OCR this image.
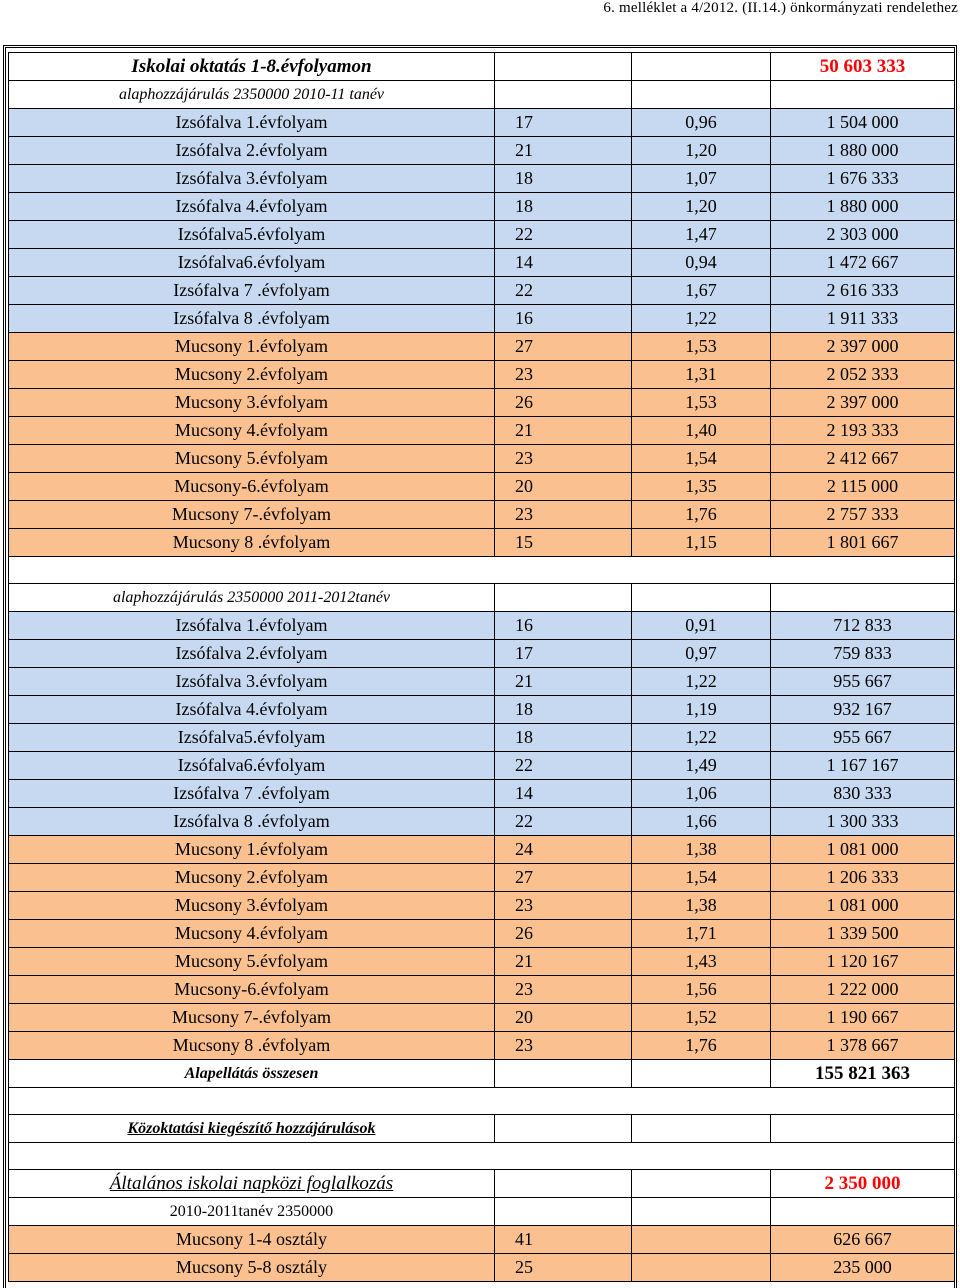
6. melléklet a 4/2012. (II.14.) önkormányzati rendelethez
Iskolai oktatás 1-8.évfolyamon			50 603 333
alaphozzájárulás 2350000 2010-11 tanév			
Izsófalva 1.évfolyam	17	0,96	1 504 000
Izsófalva 2.évfolyam	21	1,20	1 880 000
Izsófalva 3.évfolyam	18	1,07	1 676 333
Izsófalva 4.évfolyam	18	1,20	1 880 000
Izsófalva5.évfolyam	22	1,47	2 303 000
Izsófalva6.évfolyam	14	0,94	1 472 667
Izsófalva 7 .évfolyam	22	1,67	2 616 333
Izsófalva 8 .évfolyam	16	1,22	1 911 333
Mucsony 1.évfolyam	27	1,53	2 397 000
Mucsony 2.évfolyam	23	1,31	2 052 333
Mucsony 3.évfolyam	26	1,53	2 397 000
Mucsony 4.évfolyam	21	1,40	2 193 333
Mucsony 5.évfolyam	23	1,54	2 412 667
Mucsony-6.évfolyam	20	1,35	2 115 000
Mucsony 7-.évfolyam	23	1,76	2 757 333
Mucsony 8 .évfolyam	15	1,15	1 801 667

alaphozzájárulás 2350000 2011-2012tanév			
Izsófalva 1.évfolyam	16	0,91	712 833
Izsófalva 2.évfolyam	17	0,97	759 833
Izsófalva 3.évfolyam	21	1,22	955 667
Izsófalva 4.évfolyam	18	1,19	932 167
Izsófalva5.évfolyam	18	1,22	955 667
Izsófalva6.évfolyam	22	1,49	1 167 167
Izsófalva 7 .évfolyam	14	1,06	830 333
Izsófalva 8 .évfolyam	22	1,66	1 300 333
Mucsony 1.évfolyam	24	1,38	1 081 000
Mucsony 2.évfolyam	27	1,54	1 206 333
Mucsony 3.évfolyam	23	1,38	1 081 000
Mucsony 4.évfolyam	26	1,71	1 339 500
Mucsony 5.évfolyam	21	1,43	1 120 167
Mucsony-6.évfolyam	23	1,56	1 222 000
Mucsony 7-.évfolyam	20	1,52	1 190 667
Mucsony 8 .évfolyam	23	1,76	1 378 667
Alapellátás összesen			155 821 363

Közoktatási kiegészítő hozzájárulások			

Általános iskolai napközi foglalkozás			2 350 000
2010-2011tanév 2350000			
Mucsony 1-4 osztály	41		626 667
Mucsony 5-8 osztály	25		235 000
